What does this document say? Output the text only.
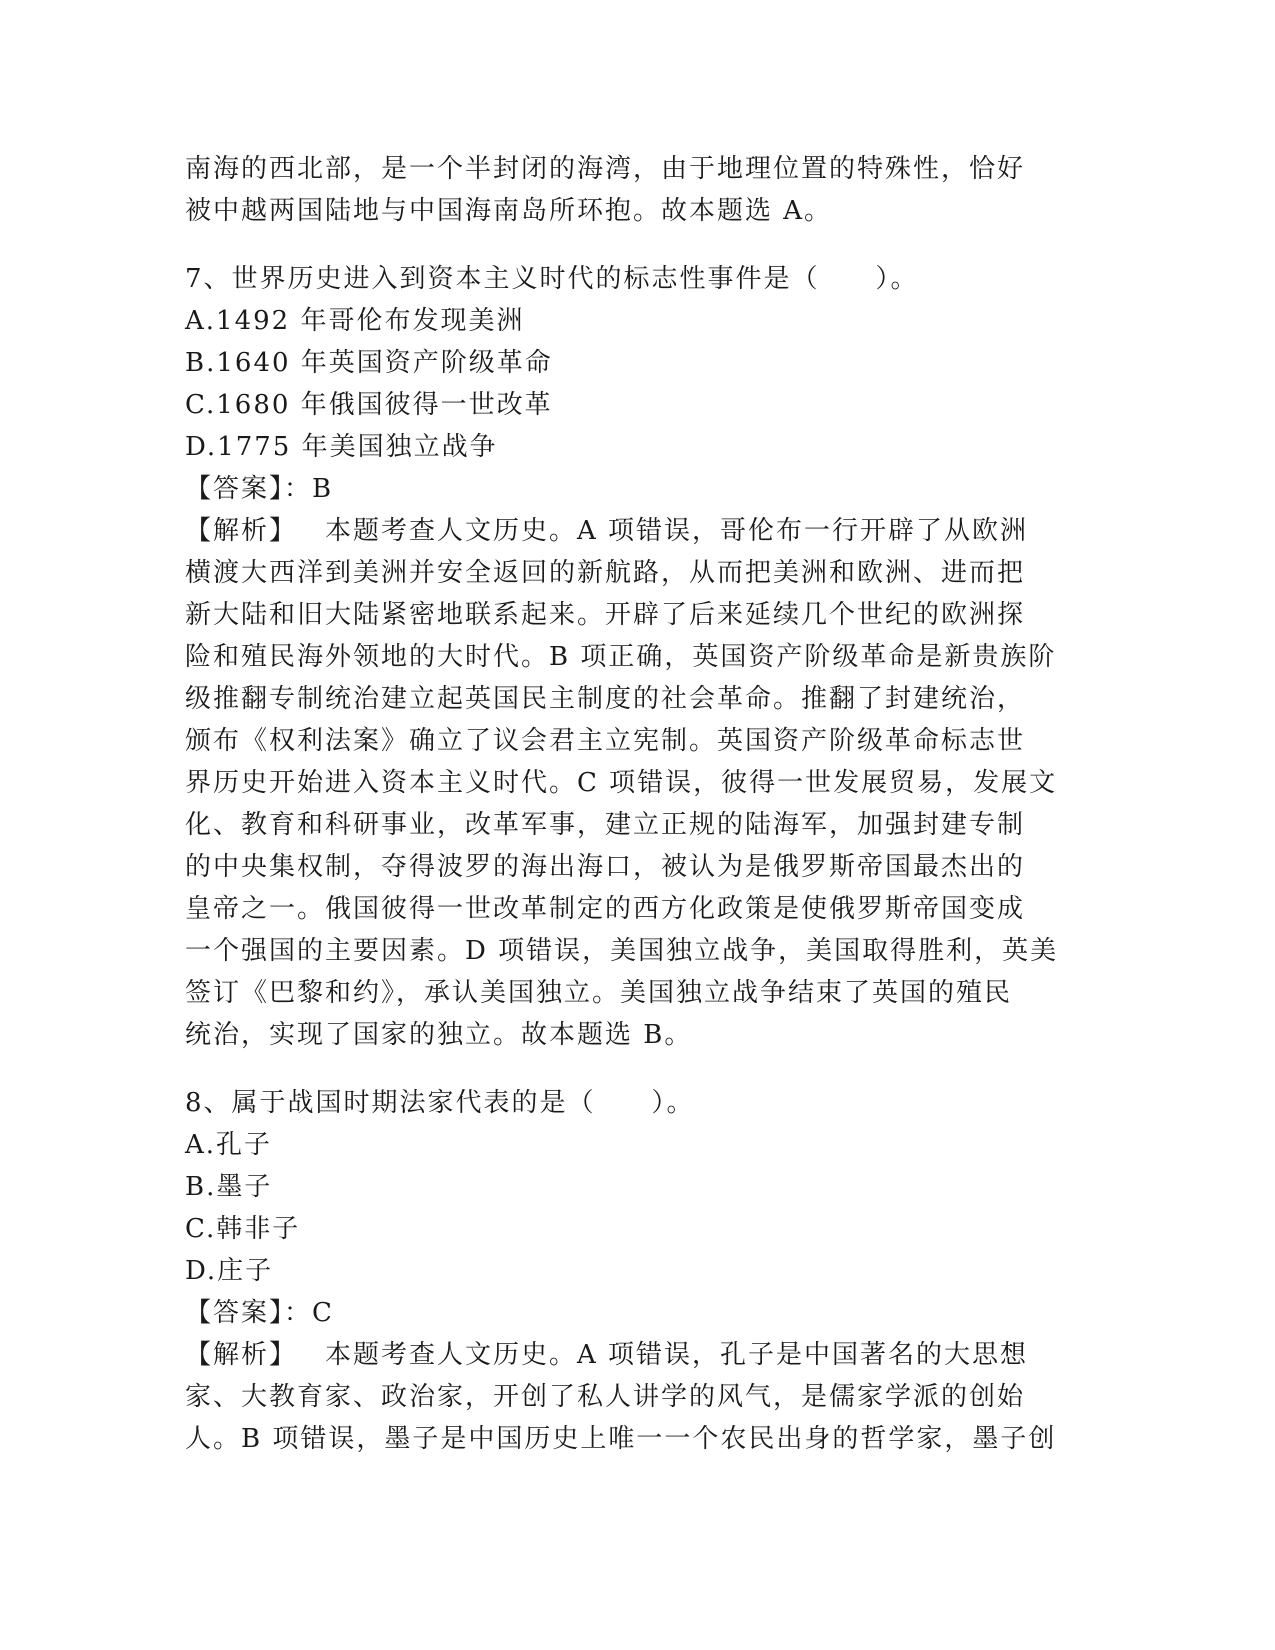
南海的西北部，是一个半封闭的海湾，由于地理位置的特殊性，恰好
被中越两国陆地与中国海南岛所环抱。故本题选 A。
7、世界历史进入到资本主义时代的标志性事件是（　　）。
A.1492 年哥伦布发现美洲
B.1640 年英国资产阶级革命
C.1680 年俄国彼得一世改革
D.1775 年美国独立战争
【答案】：B
【解析】 本题考查人文历史。A 项错误，哥伦布一行开辟了从欧洲
横渡大西洋到美洲并安全返回的新航路，从而把美洲和欧洲、进而把
新大陆和旧大陆紧密地联系起来。开辟了后来延续几个世纪的欧洲探
险和殖民海外领地的大时代。B 项正确，英国资产阶级革命是新贵族阶
级推翻专制统治建立起英国民主制度的社会革命。推翻了封建统治，
颁布《权利法案》确立了议会君主立宪制。英国资产阶级革命标志世
界历史开始进入资本主义时代。C 项错误，彼得一世发展贸易，发展文
化、教育和科研事业，改革军事，建立正规的陆海军，加强封建专制
的中央集权制，夺得波罗的海出海口，被认为是俄罗斯帝国最杰出的
皇帝之一。俄国彼得一世改革制定的西方化政策是使俄罗斯帝国变成
一个强国的主要因素。D 项错误，美国独立战争，美国取得胜利，英美
签订《巴黎和约》，承认美国独立。美国独立战争结束了英国的殖民
统治，实现了国家的独立。故本题选 B。
8、属于战国时期法家代表的是（　　）。
A.孔子
B.墨子
C.韩非子
D.庄子
【答案】：C
【解析】 本题考查人文历史。A 项错误，孔子是中国著名的大思想
家、大教育家、政治家，开创了私人讲学的风气，是儒家学派的创始
人。B 项错误，墨子是中国历史上唯一一个农民出身的哲学家，墨子创
